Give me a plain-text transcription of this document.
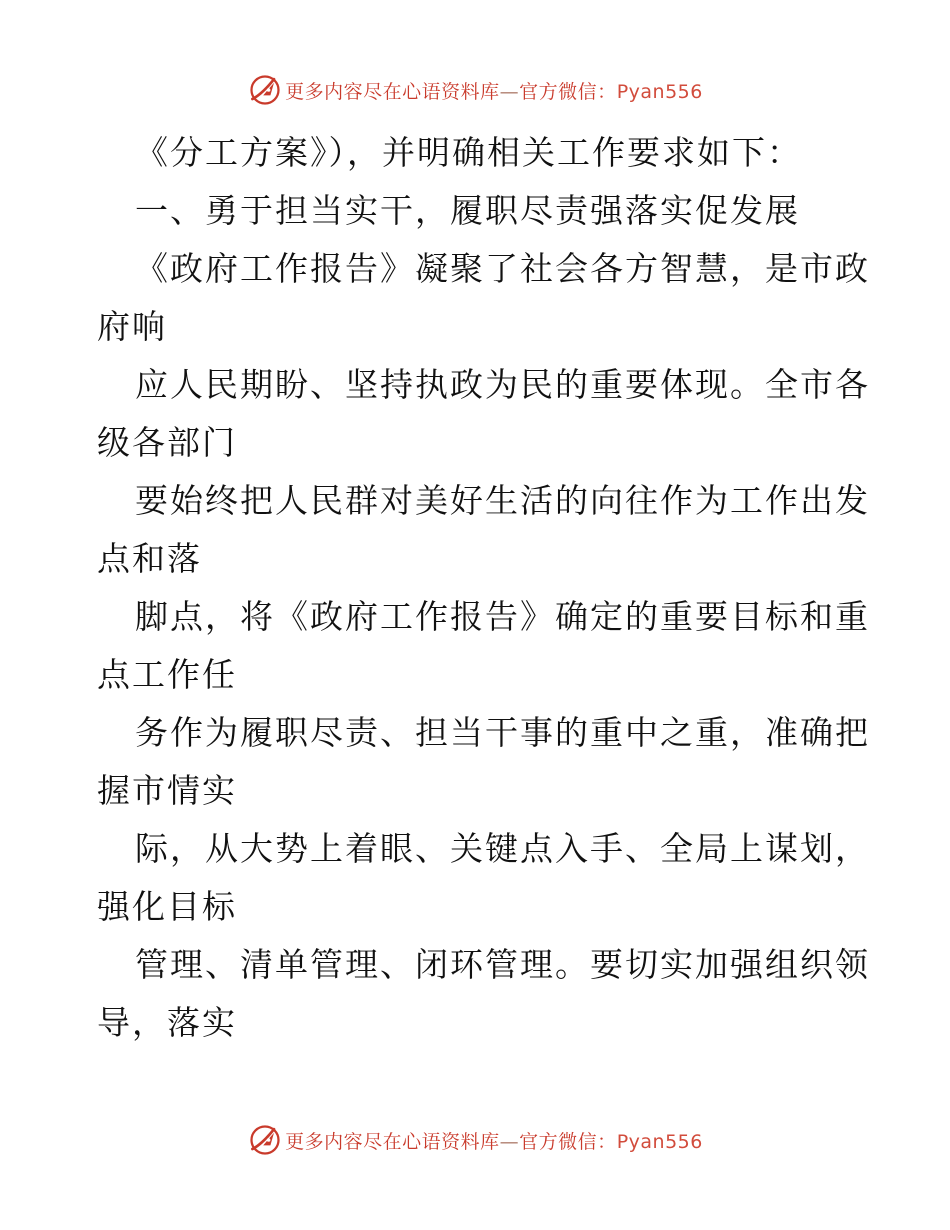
更多内容尽在心语资料库—官方微信：Pyan556
《分工方案》），并明确相关工作要求如下：
一、勇于担当实干，履职尽责强落实促发展
《政府工作报告》凝聚了社会各方智慧，是市政
府响
应人民期盼、坚持执政为民的重要体现。全市各
级各部门
要始终把人民群对美好生活的向往作为工作出发
点和落
脚点，将《政府工作报告》确定的重要目标和重
点工作任
务作为履职尽责、担当干事的重中之重，准确把
握市情实
际，从大势上着眼、关键点入手、全局上谋划，
强化目标
管理、清单管理、闭环管理。要切实加强组织领
导，落实
更多内容尽在心语资料库—官方微信：Pyan556
